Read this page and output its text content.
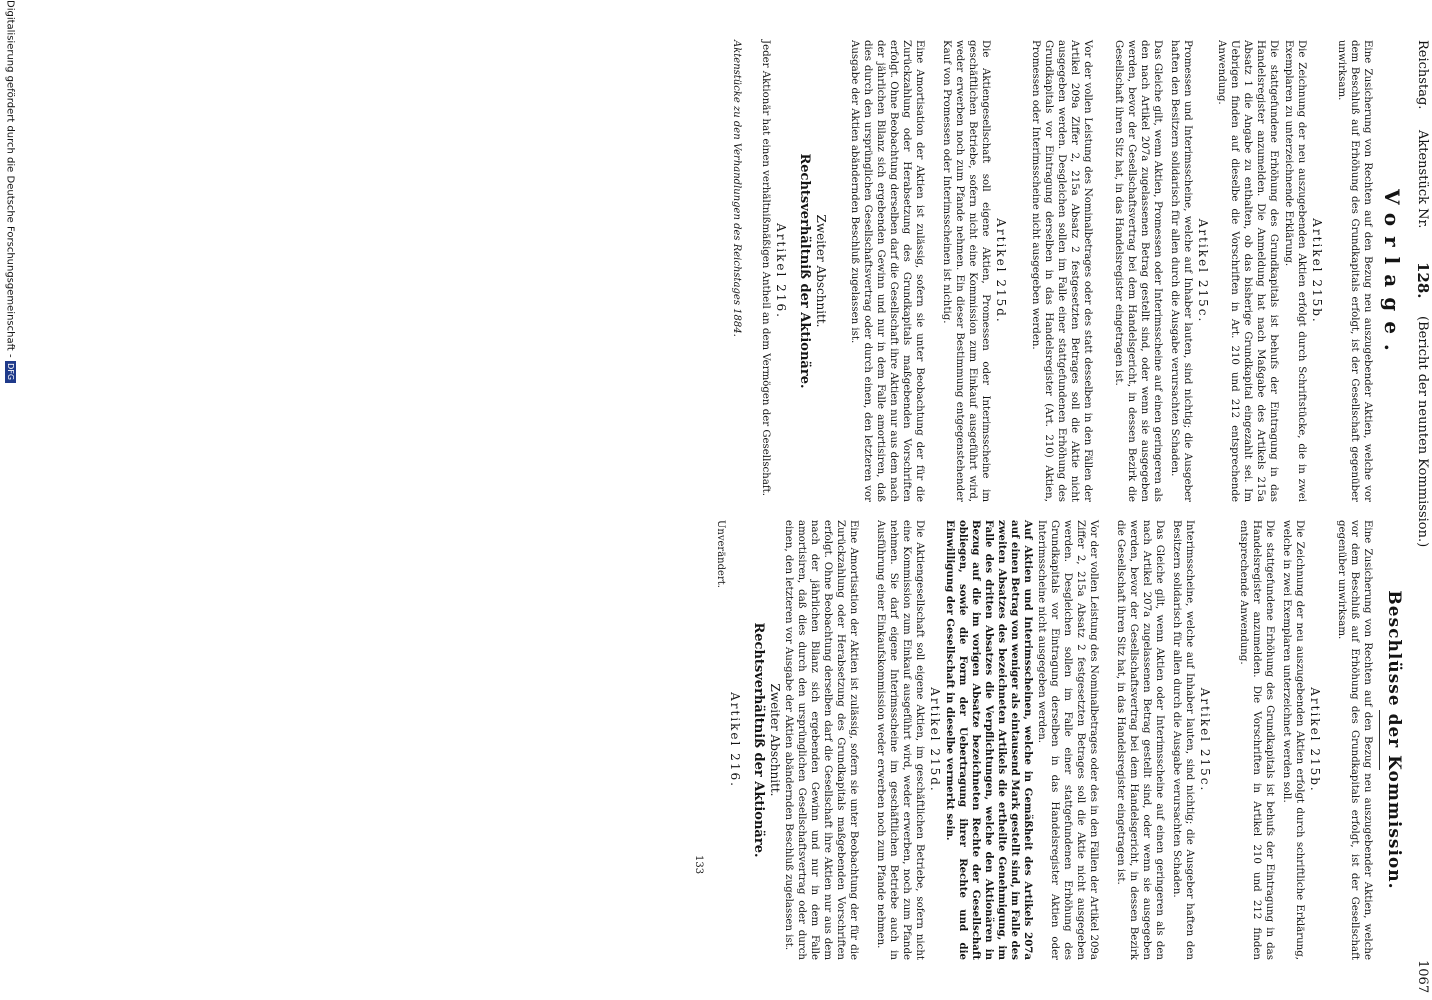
Reichstag.
Aktenstück Nr.
128.
(Bericht der neunten Kommission.)
1067
Vorlage.
Eine Zusicherung von Rechten auf den Bezug neu auszugebender Aktien, welche vor dem Beschluß auf Erhöhung des Grundkapitals erfolgt, ist der Gesellschaft gegenüber unwirksam.
Artikel 215b.
Die Zeichnung der neu auszugebenden Aktien erfolgt durch Schriftstücke, die in zwei Exemplaren zu unterzeichnende Erklärung.
Die stattgefundene Erhöhung des Grundkapitals ist behufs der Eintragung in das Handelsregister anzumelden. Die Anmeldung hat nach Maßgabe des Artikels 215a Absatz 1 die Angabe zu enthalten, ob das bisherige Grundkapital eingezahlt sei. Im Uebrigen finden auf dieselbe die Vorschriften in Art. 210 und 212 entsprechende Anwendung.
Artikel 215c.
Promessen und Interimsscheine, welche auf Inhaber lauten, sind nichtig; die Ausgeber haften den Besitzern solidarisch für allen durch die Ausgabe verursachten Schaden.
Das Gleiche gilt, wenn Aktien, Promessen oder Interimsscheine auf einen geringeren als den nach Artikel 207a zugelassenen Betrag gestellt sind, oder wenn sie ausgegeben werden, bevor der Gesellschaftsvertrag bei dem Handelsgericht, in dessen Bezirk die Gesellschaft ihren Sitz hat, in das Handelsregister eingetragen ist.
Vor der vollen Leistung des Nominalbetrages oder des statt desselben in den Fällen der Artikel 209a Ziffer 2, 215a Absatz 2 festgesetzten Betrages soll die Aktie nicht ausgegeben werden. Desgleichen sollen im Falle einer stattgefundenen Erhöhung des Grundkapitals vor Eintragung derselben in das Handelsregister (Art. 210) Aktien, Promessen oder Interimsscheine nicht ausgegeben werden.
Artikel 215d.
Die Aktiengesellschaft soll eigene Aktien, Promessen oder Interimsscheine im geschäftlichen Betriebe, sofern nicht eine Kommission zum Einkauf ausgeführt wird, weder erwerben noch zum Pfande nehmen. Ein dieser Bestimmung entgegenstehender Kauf von Promessen oder Interimsscheinen ist nichtig.
Eine Amortisation der Aktien ist zulässig, sofern sie unter Beobachtung der für die Zurückzahlung oder Herabsetzung des Grundkapitals maßgebenden Vorschriften erfolgt. Ohne Beobachtung derselben darf die Gesellschaft ihre Aktien nur aus dem nach der jährlichen Bilanz sich ergebenden Gewinn und nur in dem Falle amortisiren, daß dies durch den ursprünglichen Gesellschaftsvertrag oder durch einen, den letzteren vor Ausgabe der Aktien abändernden Beschluß zugelassen ist.
Zweiter Abschnitt.
Rechtsverhältniß der Aktionäre.
Artikel 216.
Jeder Aktionär hat einen verhältnißmäßigen Antheil an dem Vermögen der Gesellschaft.
Aktenstücke zu den Verhandlungen des Reichstages 1884.
Beschlüsse der Kommission.
Eine Zusicherung von Rechten auf den Bezug neu auszugebender Aktien, welche vor dem Beschluß auf Erhöhung des Grundkapitals erfolgt, ist der Gesellschaft gegenüber unwirksam.
Artikel 215b.
Die Zeichnung der neu auszugebenden Aktien erfolgt durch schriftliche Erklärung, welche in zwei Exemplaren unterzeichnet werden soll.
Die stattgefundene Erhöhung des Grundkapitals ist behufs der Eintragung in das Handelsregister anzumelden. Die Vorschriften in Artikel 210 und 212 finden entsprechende Anwendung.
Artikel 215c.
Interimsscheine, welche auf Inhaber lauten, sind nichtig; die Ausgeber haften den Besitzern solidarisch für allen durch die Ausgabe verursachten Schaden.
Das Gleiche gilt, wenn Aktien oder Interimsscheine auf einen geringeren als den nach Artikel 207a zugelassenen Betrag gestellt sind, oder wenn sie ausgegeben werden, bevor der Gesellschaftsvertrag bei dem Handelsgericht, in dessen Bezirk die Gesellschaft ihren Sitz hat, in das Handelsregister eingetragen ist.
Vor der vollen Leistung des Nominalbetrages oder des in den Fällen der Artikel 209a Ziffer 2, 215a Absatz 2 festgesetzten Betrages soll die Aktie nicht ausgegeben werden. Desgleichen sollen im Falle einer stattgefundenen Erhöhung des Grundkapitals vor Eintragung derselben in das Handelsregister Aktien oder Interimsscheine nicht ausgegeben werden.
Auf Aktien und Interimsscheinen, welche in Gemäßheit des Artikels 207a auf einen Betrag von weniger als eintausend Mark gestellt sind, im Falle des zweiten Absatzes des bezeichneten Artikels die ertheilte Genehmigung, im Falle des dritten Absatzes die Verpflichtungen, welche den Aktionären in Bezug auf die im vorigen Absatze bezeichneten Rechte der Gesellschaft obliegen, sowie die Form der Uebertragung ihrer Rechte und die Einwilligung der Gesellschaft in dieselbe vermerkt sein.
Artikel 215d.
Die Aktiengesellschaft soll eigene Aktien, im geschäftlichen Betriebe, sofern nicht eine Kommission zum Einkauf ausgeführt wird, weder erwerben, noch zum Pfande nehmen. Sie darf eigene Interimsscheine im geschäftlichen Betriebe auch in Ausführung einer Einkaufskommission weder erwerben noch zum Pfande nehmen.
Eine Amortisation der Aktien ist zulässig, sofern sie unter Beobachtung der für die Zurückzahlung oder Herabsetzung des Grundkapitals maßgebenden Vorschriften erfolgt. Ohne Beobachtung derselben darf die Gesellschaft ihre Aktien nur aus dem nach der jährlichen Bilanz sich ergebenden Gewinn und nur in dem Falle amortisiren, daß dies durch den ursprünglichen Gesellschaftsvertrag oder durch einen, den letzteren vor Ausgabe der Aktien abändernden Beschluß zugelassen ist.
Zweiter Abschnitt.
Rechtsverhältniß der Aktionäre.
Artikel 216.
Unverändert.
133
Digitalisierung gefördert durch die Deutsche Forschungsgemeinschaft -DFG
